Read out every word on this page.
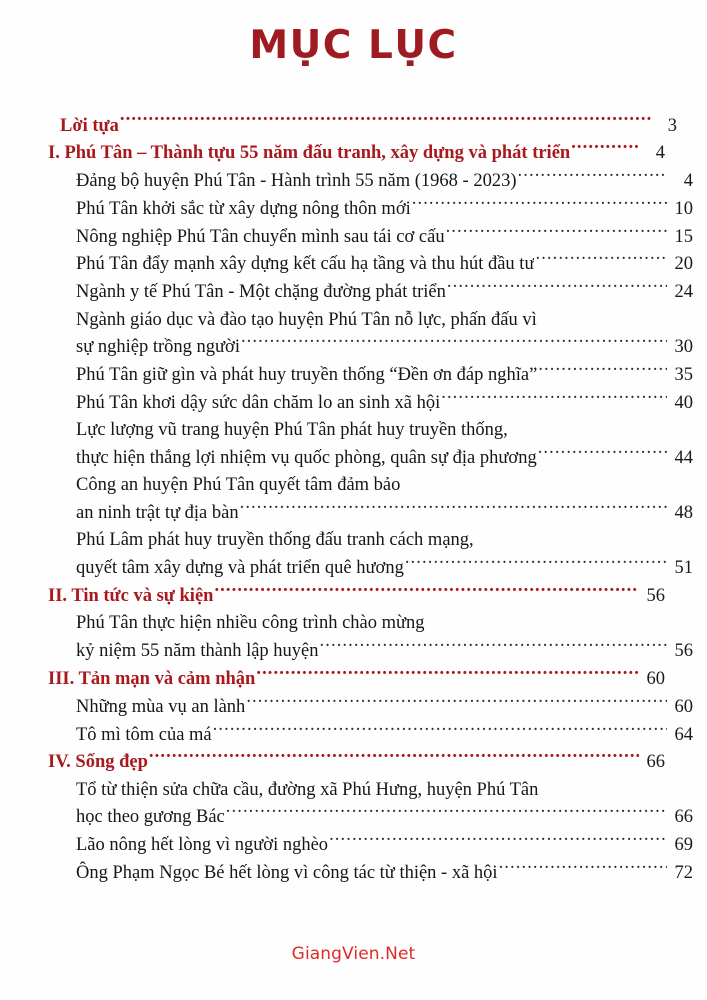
MỤC LỤC
Lời tựa .....	3
I. Phú Tân – Thành tựu 55 năm đấu tranh, xây dựng và phát triển .....	4
Đảng bộ huyện Phú Tân - Hành trình 55 năm (1968 - 2023) .....	4
Phú Tân khởi sắc từ xây dựng nông thôn mới .....	10
Nông nghiệp Phú Tân chuyển mình sau tái cơ cấu .....	15
Phú Tân đẩy mạnh xây dựng kết cấu hạ tầng và thu hút đầu tư .....	20
Ngành y tế Phú Tân - Một chặng đường phát triển .....	24
Ngành giáo dục và đào tạo huyện Phú Tân nỗ lực, phấn đấu vì
sự nghiệp trồng người .....	30
Phú Tân giữ gìn và phát huy truyền thống “Đền ơn đáp nghĩa” .....	35
Phú Tân khơi dậy sức dân chăm lo an sinh xã hội .....	40
Lực lượng vũ trang huyện Phú Tân phát huy truyền thống,
thực hiện thắng lợi nhiệm vụ quốc phòng, quân sự địa phương .....	44
Công an huyện Phú Tân quyết tâm đảm bảo
an ninh trật tự địa bàn .....	48
Phú Lâm phát huy truyền thống đấu tranh cách mạng,
quyết tâm xây dựng và phát triển quê hương .....	51
II. Tin tức và sự kiện .....	56
Phú Tân thực hiện nhiều công trình chào mừng
kỷ niệm 55 năm thành lập huyện .....	56
III. Tản mạn và cảm nhận .....	60
Những mùa vụ an lành .....	60
Tô mì tôm của má .....	64
IV. Sống đẹp .....	66
Tổ từ thiện sửa chữa cầu, đường xã Phú Hưng, huyện Phú Tân
học theo gương Bác .....	66
Lão nông hết lòng vì người nghèo .....	69
Ông Phạm Ngọc Bé hết lòng vì công tác từ thiện - xã hội .....	72
GiangVien.Net
